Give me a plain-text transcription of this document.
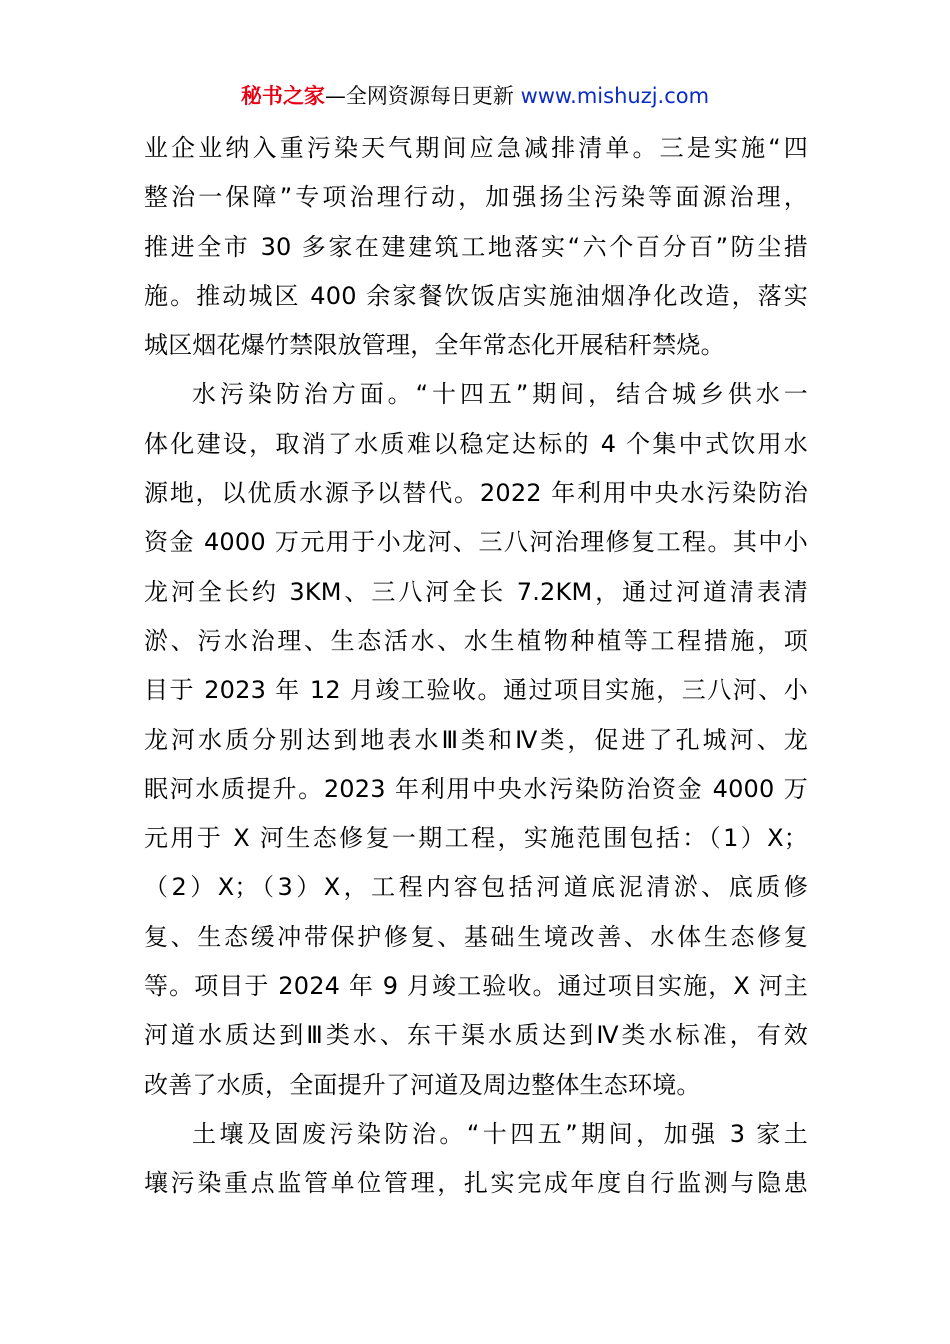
秘书之家—全网资源每日更新 www.mishuzj.com
业企业纳入重污染天气期间应急减排清单。三是实施“四
整治一保障”专项治理行动，加强扬尘污染等面源治理，
推进全市 30 多家在建建筑工地落实“六个百分百”防尘措
施。推动城区 400 余家餐饮饭店实施油烟净化改造，落实
城区烟花爆竹禁限放管理，全年常态化开展秸秆禁烧。
水污染防治方面。“十四五”期间，结合城乡供水一
体化建设，取消了水质难以稳定达标的 4 个集中式饮用水
源地，以优质水源予以替代。2022 年利用中央水污染防治
资金 4000 万元用于小龙河、三八河治理修复工程。其中小
龙河全长约 3KM、三八河全长 7.2KM，通过河道清表清
淤、污水治理、生态活水、水生植物种植等工程措施，项
目于 2023 年 12 月竣工验收。通过项目实施，三八河、小
龙河水质分别达到地表水Ⅲ类和Ⅳ类，促进了孔城河、龙
眠河水质提升。2023 年利用中央水污染防治资金 4000 万
元用于 X 河生态修复一期工程，实施范围包括：（1）X；
（2）X；（3）X，工程内容包括河道底泥清淤、底质修
复、生态缓冲带保护修复、基础生境改善、水体生态修复
等。项目于 2024 年 9 月竣工验收。通过项目实施，X 河主
河道水质达到Ⅲ类水、东干渠水质达到Ⅳ类水标准，有效
改善了水质，全面提升了河道及周边整体生态环境。
土壤及固废污染防治。“十四五”期间，加强 3 家土
壤污染重点监管单位管理，扎实完成年度自行监测与隐患
